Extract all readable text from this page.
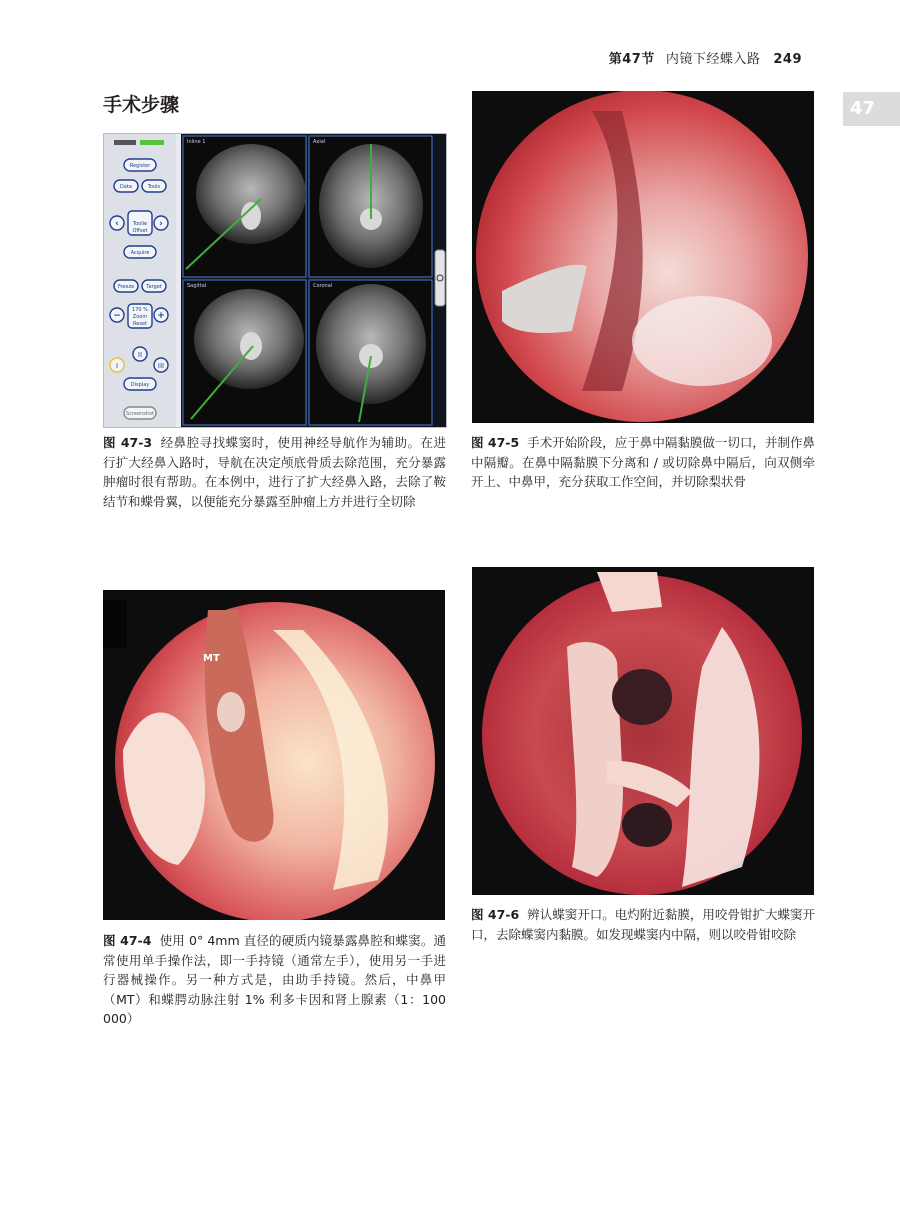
第47节 内镜下经蝶入路 249
47
手术步骤
Register
Data	Tools
Toolie
Offset
Acquire
Freeze Target
170 %
Zoom
Reset
Display
Screenshot
II
I	III
‹	›
−	+
Inline 1	Axial
Sagittal	Coronal
图 47-3 经鼻腔寻找蝶窦时，使用神经导航作为辅助。在进行扩大经鼻入路时，导航在决定颅底骨质去除范围，充分暴露肿瘤时很有帮助。在本例中，进行了扩大经鼻入路，去除了鞍结节和蝶骨翼，以便能充分暴露至肿瘤上方并进行全切除
图 47-5 手术开始阶段，应于鼻中隔黏膜做一切口，并制作鼻中隔瓣。在鼻中隔黏膜下分离和 / 或切除鼻中隔后，向双侧牵开上、中鼻甲，充分获取工作空间，并切除梨状骨
MT
图 47-4 使用 0° 4mm 直径的硬质内镜暴露鼻腔和蝶窦。通常使用单手操作法，即一手持镜（通常左手），使用另一手进行器械操作。另一种方式是，由助手持镜。然后，中鼻甲（MT）和蝶腭动脉注射 1% 利多卡因和肾上腺素（1：100 000）
图 47-6 辨认蝶窦开口。电灼附近黏膜，用咬骨钳扩大蝶窦开口，去除蝶窦内黏膜。如发现蝶窦内中隔，则以咬骨钳咬除
